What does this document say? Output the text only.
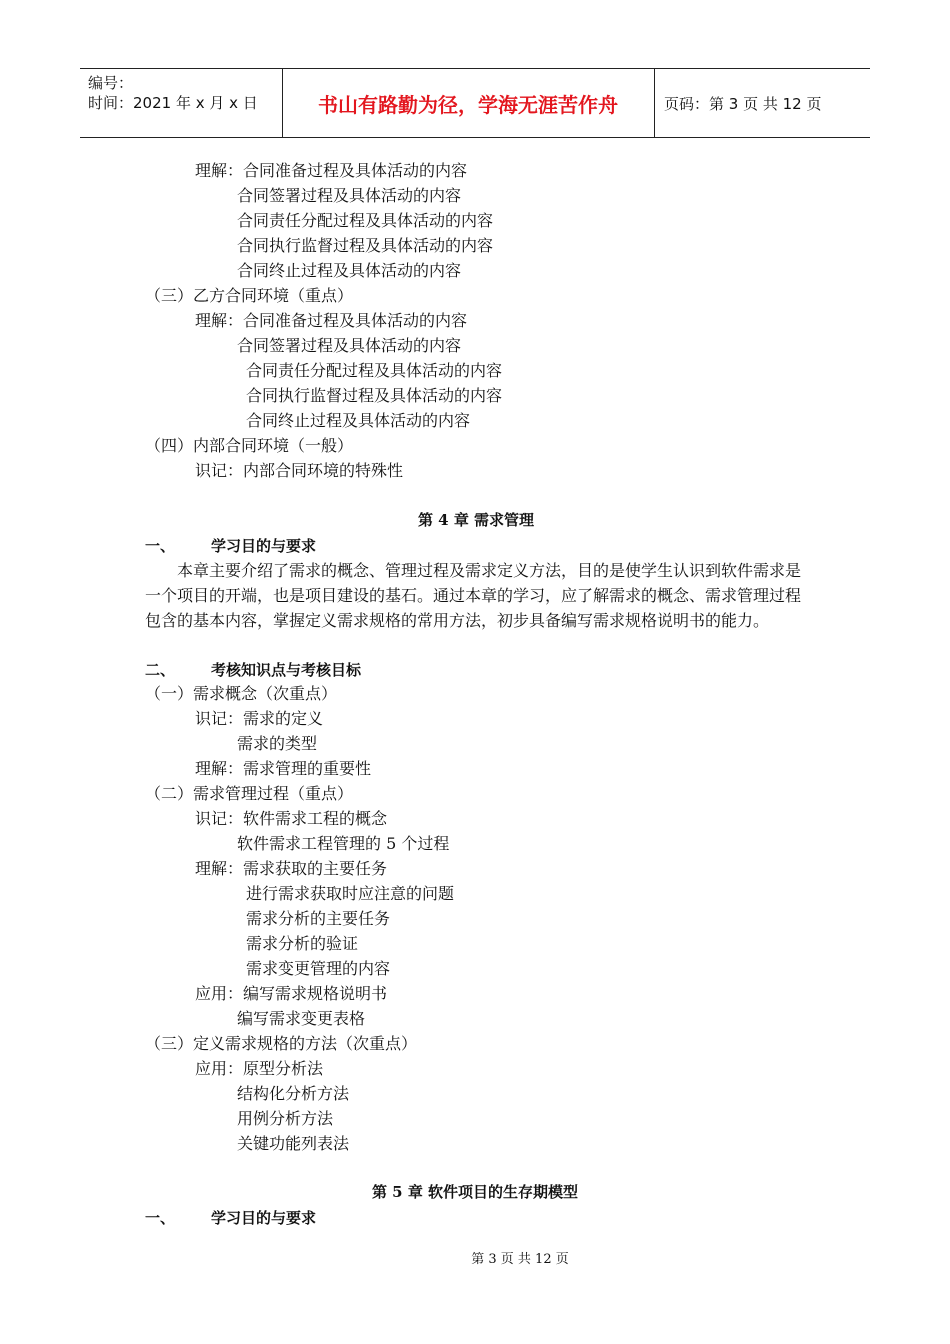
编号：
时间：2021 年 x 月 x 日	书山有路勤为径，学海无涯苦作舟	页码：第 3 页 共 12 页
理解：合同准备过程及具体活动的内容
合同签署过程及具体活动的内容
合同责任分配过程及具体活动的内容
合同执行监督过程及具体活动的内容
合同终止过程及具体活动的内容
（三）乙方合同环境（重点）
理解：合同准备过程及具体活动的内容
合同签署过程及具体活动的内容
合同责任分配过程及具体活动的内容
合同执行监督过程及具体活动的内容
合同终止过程及具体活动的内容
（四）内部合同环境（一般）
识记：内部合同环境的特殊性
第 4 章 需求管理
一、 学习目的与要求
本章主要介绍了需求的概念、管理过程及需求定义方法，目的是使学生认识到软件需求是一个项目的开端，也是项目建设的基石。通过本章的学习，应了解需求的概念、需求管理过程包含的基本内容，掌握定义需求规格的常用方法，初步具备编写需求规格说明书的能力。
二、 考核知识点与考核目标
（一）需求概念（次重点）
识记：需求的定义
需求的类型
理解：需求管理的重要性
（二）需求管理过程（重点）
识记：软件需求工程的概念
软件需求工程管理的 5 个过程
理解：需求获取的主要任务
进行需求获取时应注意的问题
需求分析的主要任务
需求分析的验证
需求变更管理的内容
应用：编写需求规格说明书
编写需求变更表格
（三）定义需求规格的方法（次重点）
应用：原型分析法
结构化分析方法
用例分析方法
关键功能列表法
第 5 章 软件项目的生存期模型
一、 学习目的与要求
第 3 页 共 12 页
